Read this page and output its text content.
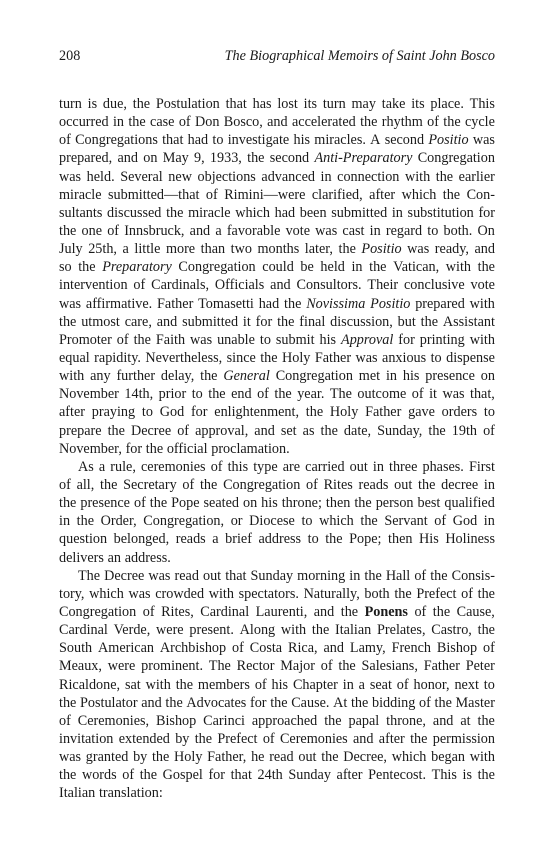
208	The Biographical Memoirs of Saint John Bosco
turn is due, the Postulation that has lost its turn may take its place. This
occurred in the case of Don Bosco, and accelerated the rhythm of the cycle
of Congregations that had to investigate his miracles. A second Positio was
prepared, and on May 9, 1933, the second Anti-Preparatory Congregation
was held. Several new objections advanced in connection with the earlier
miracle submitted—that of Rimini—were clarified, after which the Con-
sultants discussed the miracle which had been submitted in substitution for
the one of Innsbruck, and a favorable vote was cast in regard to both. On
July 25th, a little more than two months later, the Positio was ready, and
so the Preparatory Congregation could be held in the Vatican, with the
intervention of Cardinals, Officials and Consultors. Their conclusive vote
was affirmative. Father Tomasetti had the Novissima Positio prepared with
the utmost care, and submitted it for the final discussion, but the Assistant
Promoter of the Faith was unable to submit his Approval for printing with
equal rapidity. Nevertheless, since the Holy Father was anxious to dispense
with any further delay, the General Congregation met in his presence on
November 14th, prior to the end of the year. The outcome of it was that,
after praying to God for enlightenment, the Holy Father gave orders to
prepare the Decree of approval, and set as the date, Sunday, the 19th of
November, for the official proclamation.
As a rule, ceremonies of this type are carried out in three phases. First
of all, the Secretary of the Congregation of Rites reads out the decree in
the presence of the Pope seated on his throne; then the person best qualified
in the Order, Congregation, or Diocese to which the Servant of God in
question belonged, reads a brief address to the Pope; then His Holiness
delivers an address.
The Decree was read out that Sunday morning in the Hall of the Consis-
tory, which was crowded with spectators. Naturally, both the Prefect of the
Congregation of Rites, Cardinal Laurenti, and the Ponens of the Cause,
Cardinal Verde, were present. Along with the Italian Prelates, Castro, the
South American Archbishop of Costa Rica, and Lamy, French Bishop of
Meaux, were prominent. The Rector Major of the Salesians, Father Peter
Ricaldone, sat with the members of his Chapter in a seat of honor, next to
the Postulator and the Advocates for the Cause. At the bidding of the Master
of Ceremonies, Bishop Carinci approached the papal throne, and at the
invitation extended by the Prefect of Ceremonies and after the permission
was granted by the Holy Father, he read out the Decree, which began with
the words of the Gospel for that 24th Sunday after Pentecost. This is the
Italian translation:
